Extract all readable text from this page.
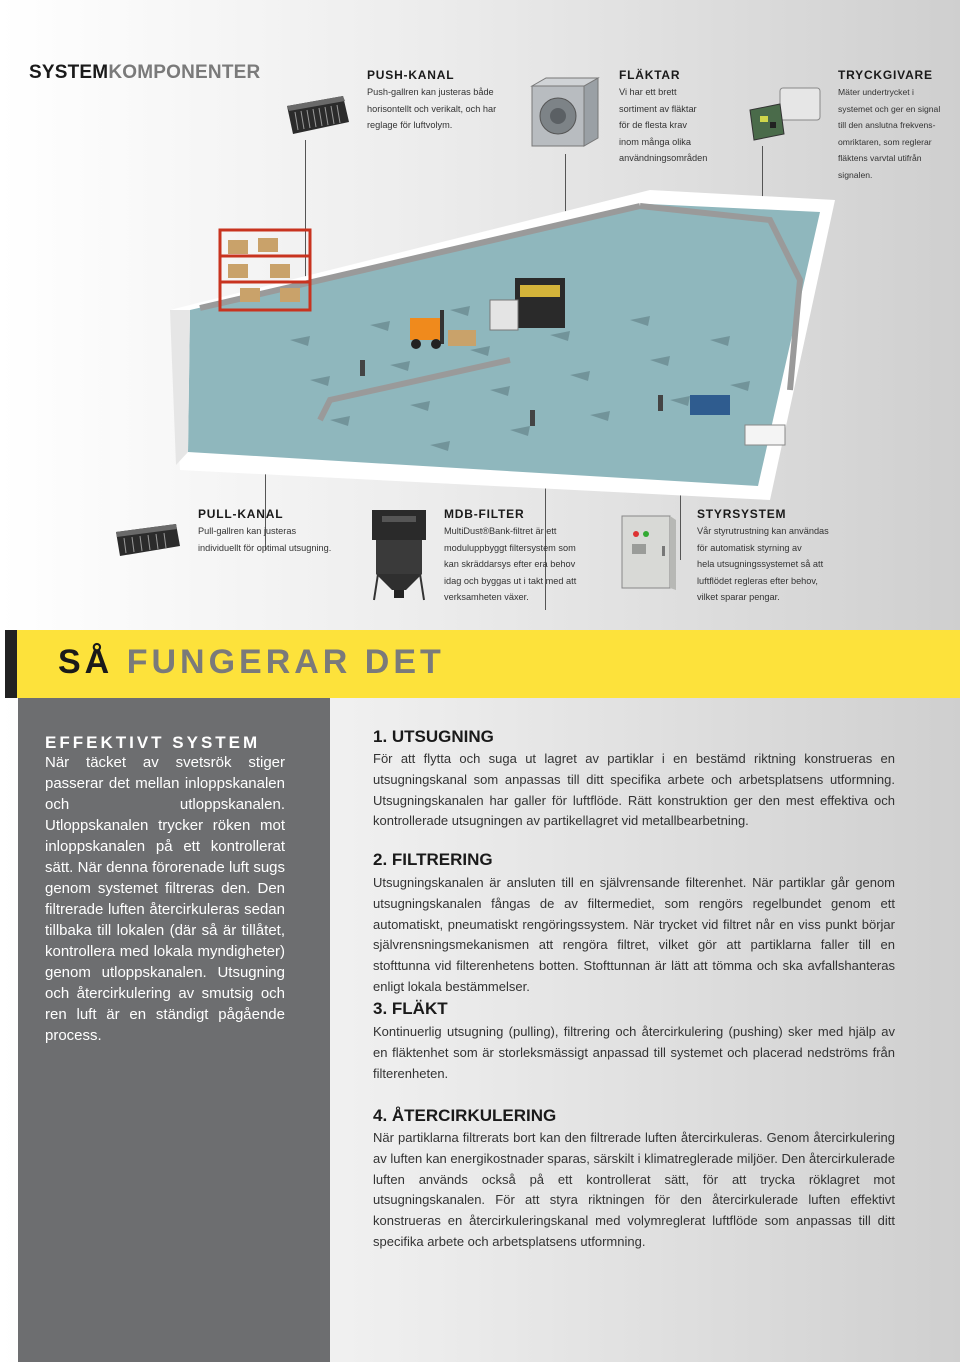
SYSTEMKOMPONENTER	PUSH-KANAL
Push-gallren kan justeras både
horisontellt och verikalt, och har
reglage för luftvolym.
FLÄKTAR
Vi har ett brett
sortiment av fläktar
för de flesta krav
inom många olika
användningsområden
TRYCKGIVARE
Mäter undertrycket i
systemet och ger en signal
till den anslutna frekvens-
omriktaren, som reglerar
fläktens varvtal utifrån
signalen.
PULL-KANAL
Pull-gallren kan justeras
individuellt för optimal utsugning.
MDB-FILTER
MultiDust®Bank-filtret är ett
moduluppbyggt filtersystem som
kan skräddarsys efter era behov
idag och byggas ut i takt med att
verksamheten växer.
STYRSYSTEM
Vår styrutrustning kan användas
för automatisk styrning av
hela utsugningssystemet så att
luftflödet regleras efter behov,
vilket sparar pengar.
SÅ FUNGERAR DET
EFFEKTIVT SYSTEM
När täcket av svetsrök stiger passerar det mellan inloppskanalen och utloppskanalen. Utloppskanalen trycker röken mot inloppskanalen på ett kontrollerat sätt. När denna förorenade luft sugs genom systemet filtreras den. Den filtrerade luften återcirkuleras sedan tillbaka till lokalen (där så är tillåtet, kontrollera med lokala myndigheter) genom utloppskanalen. Utsugning och återcirkulering av smutsig och ren luft är en ständigt pågående process.
1. UTSUGNING
För att flytta och suga ut lagret av partiklar i en bestämd riktning konstrueras en utsugningskanal som anpassas till ditt specifika arbete och arbetsplatsens utformning. Utsugningskanalen har galler för luftflöde. Rätt konstruktion ger den mest effektiva och kontrollerade utsugningen av partikellagret vid metallbearbetning.
2. FILTRERING
Utsugningskanalen är ansluten till en självrensande filterenhet. När partiklar går genom utsugningskanalen fångas de av filtermediet, som rengörs regelbundet genom ett automatiskt, pneumatiskt rengöringssystem. När trycket vid filtret når en viss punkt börjar självrensningsmekanismen att rengöra filtret, vilket gör att partiklarna faller till en stofttunna vid filterenhetens botten. Stofttunnan är lätt att tömma och ska avfallshanteras enligt lokala bestämmelser.
3. FLÄKT
Kontinuerlig utsugning (pulling), filtrering och återcirkulering (pushing) sker med hjälp av en fläktenhet som är storleksmässigt anpassad till systemet och placerad nedströms från filterenheten.
4. ÅTERCIRKULERING
När partiklarna filtrerats bort kan den filtrerade luften återcirkuleras. Genom återcirkulering av luften kan energikostnader sparas, särskilt i klimatreglerade miljöer. Den återcirkulerade luften används också på ett kontrollerat sätt, för att trycka röklagret mot utsugningskanalen. För att styra riktningen för den återcirkulerade luften effektivt konstrueras en återcirkuleringskanal med volymreglerat luftflöde som anpassas till ditt specifika arbete och arbetsplatsens utformning.
